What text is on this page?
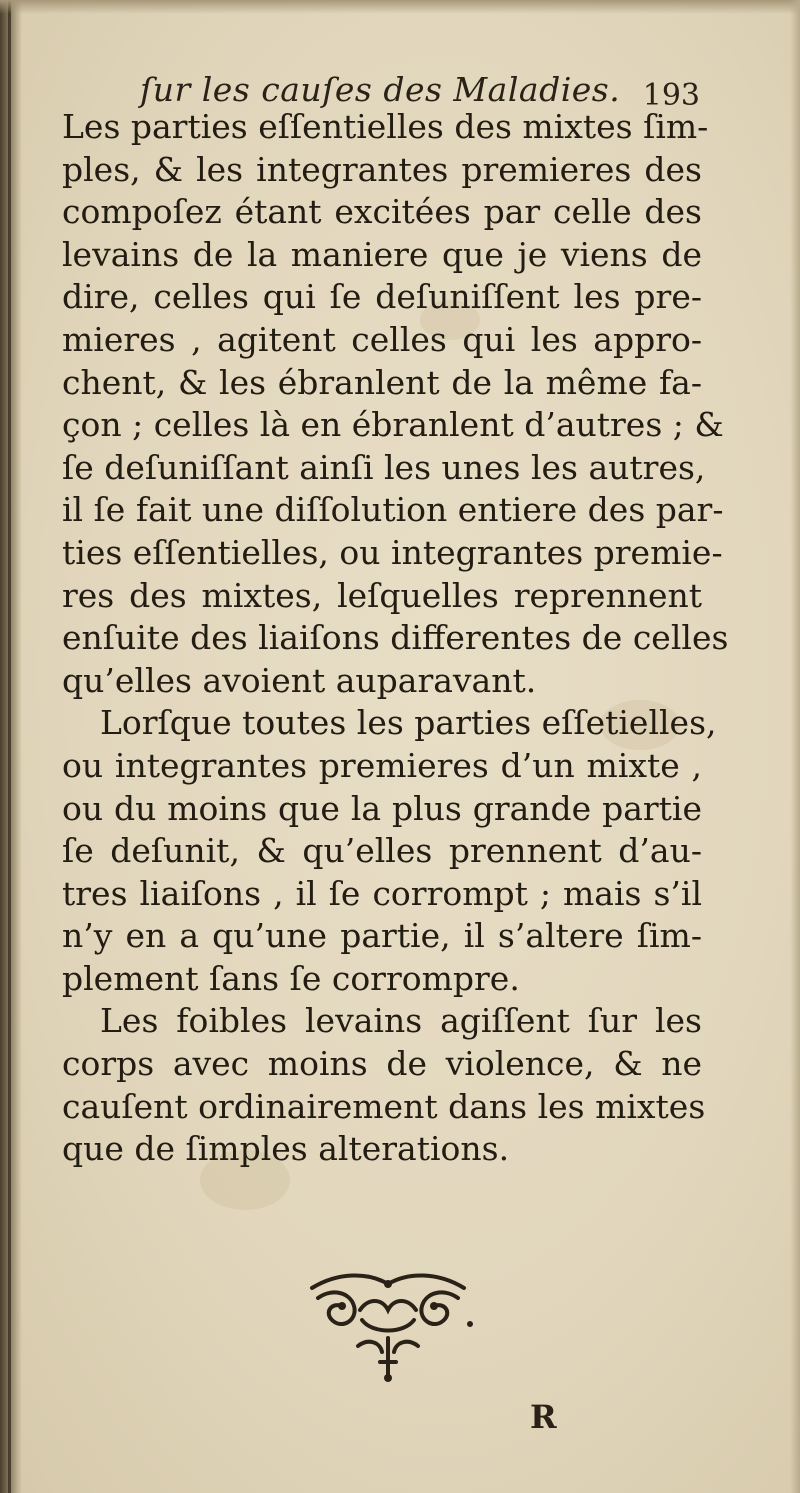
ſur les cauſes des Maladies. 193
Les parties eſſentielles des mixtes ſim-
ples, & les integrantes premieres des
compoſez étant excitées par celle des
levains de la maniere que je viens de
dire, celles qui ſe deſuniſſent les pre-
mieres , agitent celles qui les appro-
chent, & les ébranlent de la même fa-
çon ; celles là en ébranlent d’autres ; &
ſe deſuniſſant ainſi les unes les autres,
il ſe fait une diſſolution entiere des par-
ties eſſentielles, ou integrantes premie-
res des mixtes, leſquelles reprennent
enſuite des liaiſons differentes de celles
qu’elles avoient auparavant.
Lorſque toutes les parties eſſetielles,
ou integrantes premieres d’un mixte ,
ou du moins que la plus grande partie
ſe deſunit, & qu’elles prennent d’au-
tres liaiſons , il ſe corrompt ; mais s’il
n’y en a qu’une partie, il s’altere ſim-
plement ſans ſe corrompre.
Les foibles levains agiſſent ſur les
corps avec moins de violence, & ne
cauſent ordinairement dans les mixtes
que de ſimples alterations.
R
